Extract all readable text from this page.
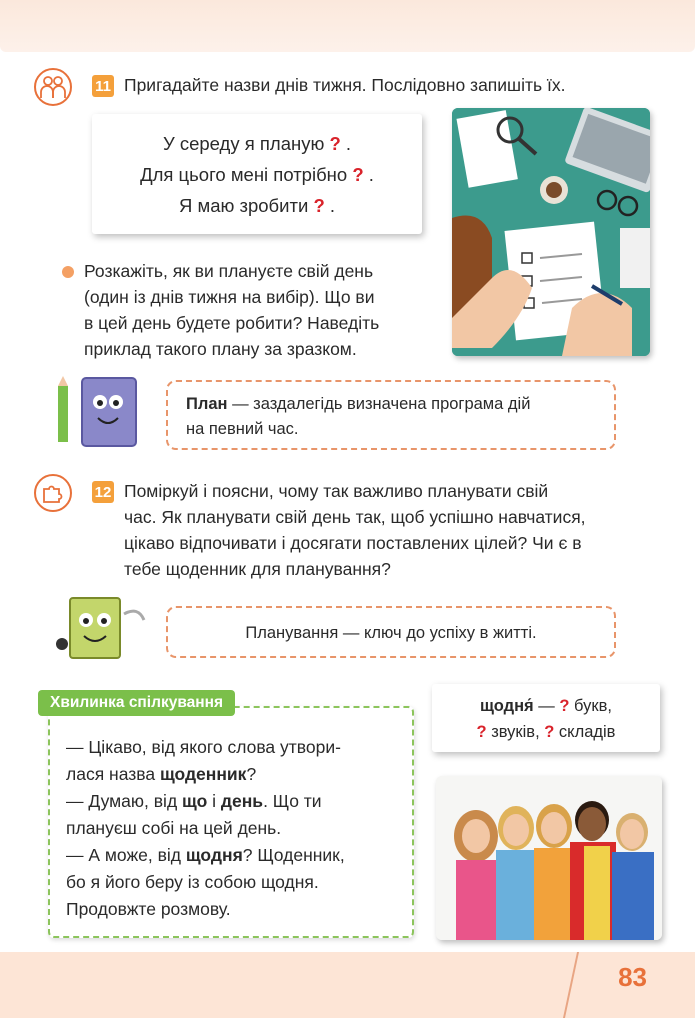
11 Пригадайте назви днів тижня. Послідовно запишіть їх.
У середу я планую ? .
Для цього мені потрібно ? .
Я маю зробити ? .
Розкажіть, як ви плануєте свій день
(один із днів тижня на вибір). Що ви
в цей день будете робити? Наведіть
приклад такого плану за зразком.
План — заздалегідь визначена програма дій
на певний час.
12 Поміркуй і поясни, чому так важливо планувати свій
час. Як планувати свій день так, щоб успішно навчатися,
цікаво відпочивати і досягати поставлених цілей? Чи є в
тебе щоденник для планування?
Планування — ключ до успіху в житті.
— Цікаво, від якого слова утвори-
лася назва щоденник?
— Думаю, від що і день. Що ти
плануєш собі на цей день.
— А може, від щодня? Щоденник,
бо я його беру із собою щодня.
Продовжте розмову.
Хвилинка спілкування	щодня́ — ? букв,
? звуків, ? складів
83
